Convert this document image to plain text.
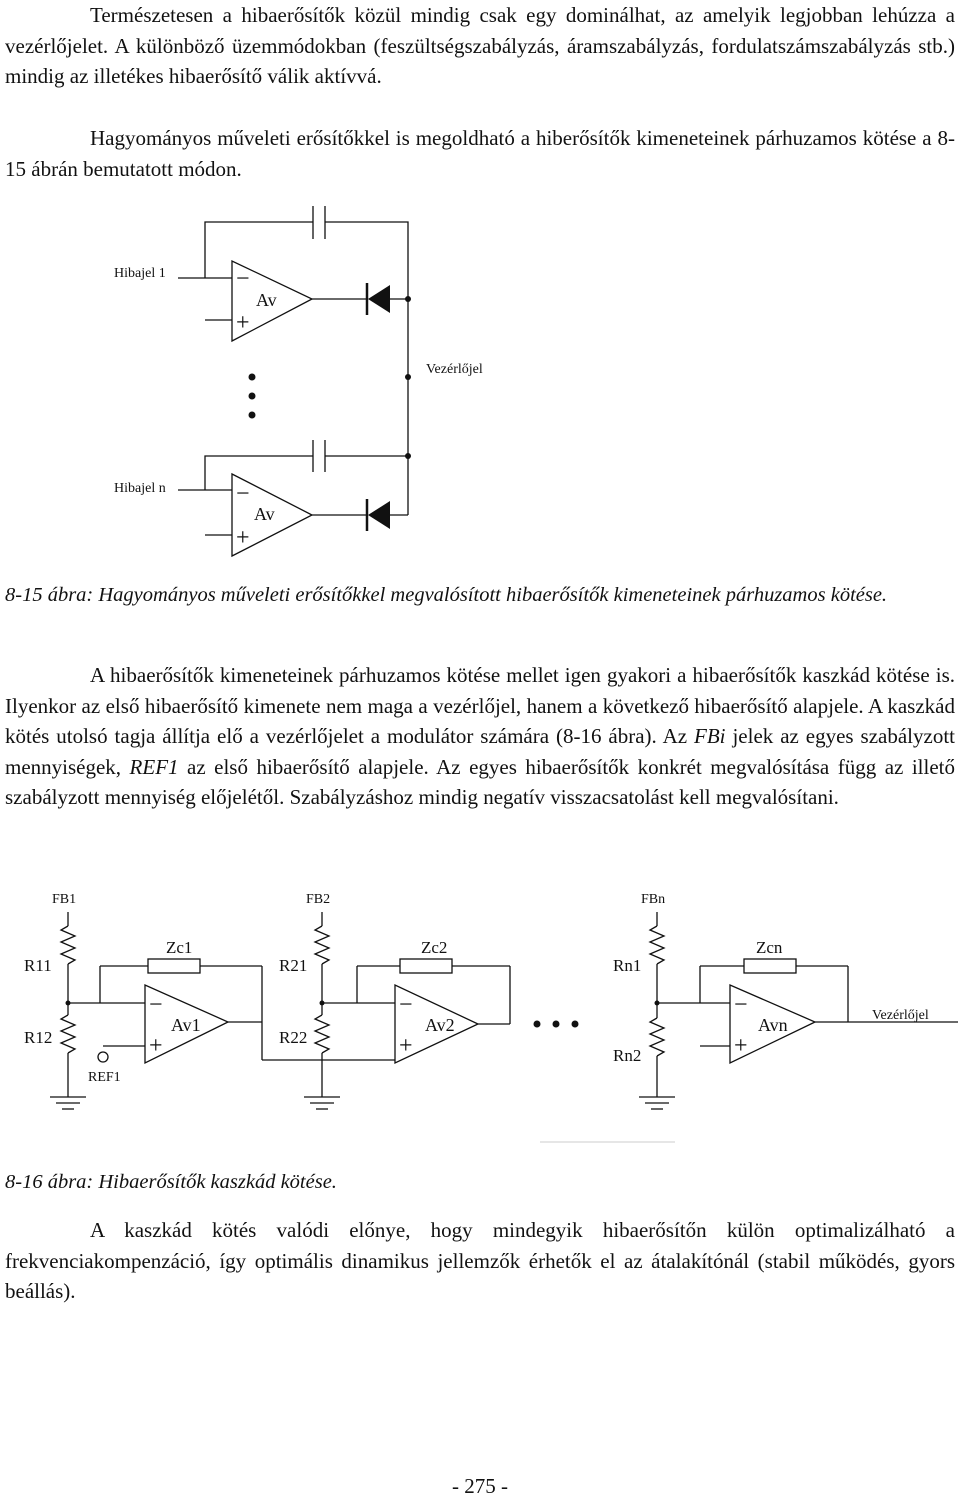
Természetesen a hibaerősítők közül mindig csak egy dominálhat, az amelyik legjobban lehúzza a vezérlőjelet. A különböző üzemmódokban (feszültségszabályzás, áramszabályzás, fordulatszámszabályzás stb.) mindig az illetékes hibaerősítő válik aktívvá.

Hagyományos műveleti erősítőkkel is megoldható a hiberősítők kimeneteinek párhuzamos kötése a 8-15 ábrán bemutatott módon.

−
+
Av
Vezérlőjel
−
+
Av
Hibajel 1
Hibajel n

8-15 ábra: Hagyományos műveleti erősítőkkel megvalósított hibaerősítők kimeneteinek párhuzamos kötése.

A hibaerősítők kimeneteinek párhuzamos kötése mellet igen gyakori a hibaerősítők kaszkád kötése is. Ilyenkor az első hibaerősítő kimenete nem maga a vezérlőjel, hanem a következő hibaerősítő alapjele. A kaszkád kötés utolsó tagja állítja elő a vezérlőjelet a modulátor számára (8-16 ábra). Az FBi jelek az egyes szabályzott mennyiségek, REF1 az első hibaerősítő alapjele. Az egyes hibaerősítők konkrét megvalósítása függ az illető szabályzott mennyiség előjelétől. Szabályzáshoz mindig negatív visszacsatolást kell megvalósítani.

FB1
R11
R12
Zc1
−
+
Av1
REF1
FB2
R21
R22
Zc2
−
+
Av2
FBn
Rn1
Rn2
Zcn
−
+
Avn	Vezérlőjel

8-16 ábra: Hibaerősítők kaszkád kötése.

A kaszkád kötés valódi előnye, hogy mindegyik hibaerősítőn külön optimalizálható a frekvenciakompenzáció, így optimális dinamikus jellemzők érhetők el az átalakítónál (stabil működés, gyors beállás).

- 275 -
